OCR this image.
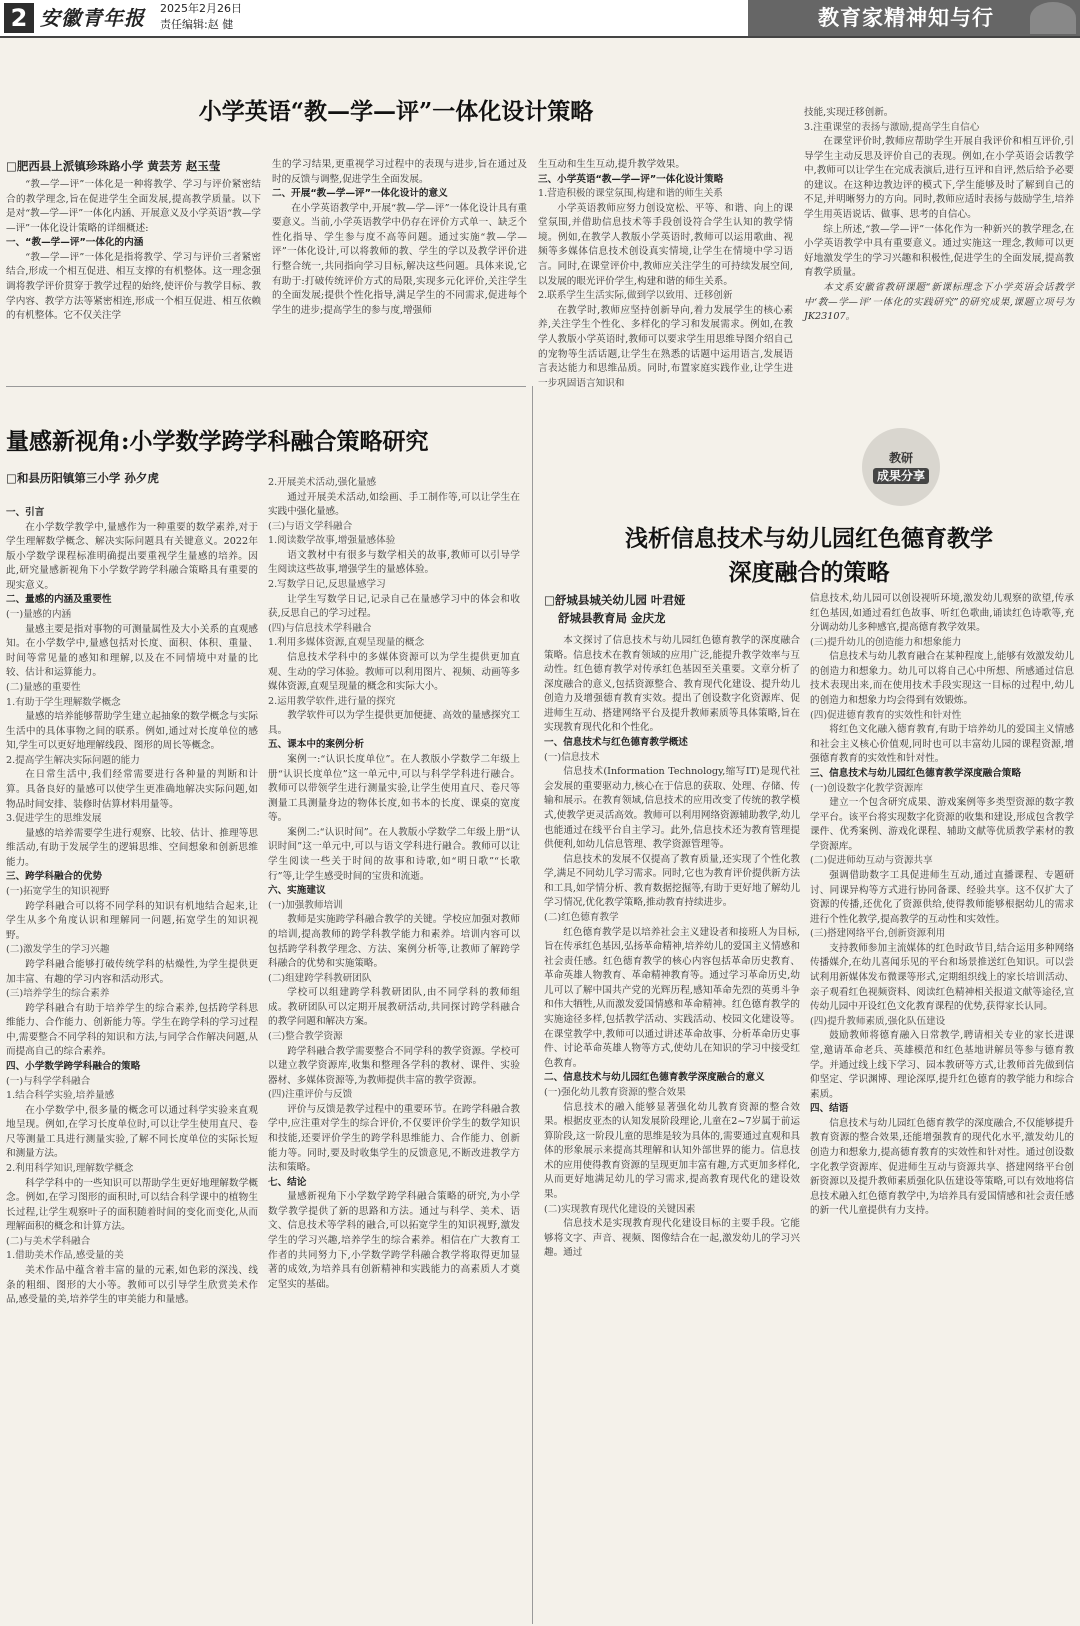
2 安徽青年报 2025年2月26日
责任编辑:赵 健	教育家精神知与行
小学英语“教—学—评”一体化设计策略
□肥西县上派镇珍珠路小学 黄芸芳 赵玉莹

“教—学—评”一体化是一种将教学、学习与评价紧密结合的教学理念,旨在促进学生全面发展,提高教学质量。以下是对“教—学—评”一体化内涵、开展意义及小学英语“教—学—评”一体化设计策略的详细概述:

一、“教—学—评”一体化的内涵

“教—学—评”一体化是指将教学、学习与评价三者紧密结合,形成一个相互促进、相互支撑的有机整体。这一理念强调将教学评价贯穿于教学过程的始终,使评价与教学目标、教学内容、教学方法等紧密相连,形成一个相互促进、相互依赖的有机整体。它不仅关注学

生的学习结果,更重视学习过程中的表现与进步,旨在通过及时的反馈与调整,促进学生全面发展。

二、开展“教—学—评”一体化设计的意义

在小学英语教学中,开展“教—学—评”一体化设计具有重要意义。当前,小学英语教学中仍存在评价方式单一、缺乏个性化指导、学生参与度不高等问题。通过实施“教—学—评”一体化设计,可以将教师的教、学生的学以及教学评价进行整合统一,共同指向学习目标,解决这些问题。具体来说,它有助于:打破传统评价方式的局限,实现多元化评价,关注学生的全面发展;提供个性化指导,满足学生的不同需求,促进每个学生的进步;提高学生的参与度,增强师

生互动和生生互动,提升教学效果。

三、小学英语“教—学—评”一体化设计策略

1.营造积极的课堂氛围,构建和谐的师生关系

小学英语教师应努力创设宽松、平等、和谐、向上的课堂氛围,并借助信息技术等手段创设符合学生认知的教学情境。例如,在教学人教版小学英语时,教师可以运用歌曲、视频等多媒体信息技术创设真实情境,让学生在情境中学习语言。同时,在课堂评价中,教师应关注学生的可持续发展空间,以发展的眼光评价学生,构建和谐的师生关系。

2.联系学生生活实际,做到学以致用、迁移创新

在教学时,教师应坚持创新导向,着力发展学生的核心素养,关注学生个性化、多样化的学习和发展需求。例如,在教学人教版小学英语时,教师可以要求学生用思维导图介绍自己的宠物等生活话题,让学生在熟悉的话题中运用语言,发展语言表达能力和思维品质。同时,布置家庭实践作业,让学生进一步巩固语言知识和

技能,实现迁移创新。

3.注重课堂的表扬与激励,提高学生自信心

在课堂评价时,教师应帮助学生开展自我评价和相互评价,引导学生主动反思及评价自己的表现。例如,在小学英语会话教学中,教师可以让学生在完成表演后,进行互评和自评,然后给予必要的建议。在这种边教边评的模式下,学生能够及时了解到自己的不足,并明晰努力的方向。同时,教师应适时表扬与鼓励学生,培养学生用英语说话、做事、思考的自信心。

综上所述,“教—学—评”一体化作为一种新兴的教学理念,在小学英语教学中具有重要意义。通过实施这一理念,教师可以更好地激发学生的学习兴趣和积极性,促进学生的全面发展,提高教育教学质量。

本文系安徽省教研课题“新课标理念下小学英语会话教学中‘教—学—评’一体化的实践研究”的研究成果,课题立项号为JK23107。

量感新视角:小学数学跨学科融合策略研究
□和县历阳镇第三小学 孙夕虎

一、引言

在小学数学教学中,量感作为一种重要的数学素养,对于学生理解数学概念、解决实际问题具有关键意义。2022年版小学数学课程标准明确提出要重视学生量感的培养。因此,研究量感新视角下小学数学跨学科融合策略具有重要的现实意义。

二、量感的内涵及重要性

(一)量感的内涵

量感主要是指对事物的可测量属性及大小关系的直观感知。在小学数学中,量感包括对长度、面积、体积、重量、时间等常见量的感知和理解,以及在不同情境中对量的比较、估计和运算能力。

(二)量感的重要性

1.有助于学生理解数学概念

量感的培养能够帮助学生建立起抽象的数学概念与实际生活中的具体事物之间的联系。例如,通过对长度单位的感知,学生可以更好地理解线段、图形的周长等概念。

2.提高学生解决实际问题的能力

在日常生活中,我们经常需要进行各种量的判断和计算。具备良好的量感可以使学生更准确地解决实际问题,如物品时间安排、装修时估算材料用量等。

3.促进学生的思维发展

量感的培养需要学生进行观察、比较、估计、推理等思维活动,有助于发展学生的逻辑思维、空间想象和创新思维能力。

三、跨学科融合的优势

(一)拓宽学生的知识视野

跨学科融合可以将不同学科的知识有机地结合起来,让学生从多个角度认识和理解同一问题,拓宽学生的知识视野。

(二)激发学生的学习兴趣

跨学科融合能够打破传统学科的枯燥性,为学生提供更加丰富、有趣的学习内容和活动形式。

(三)培养学生的综合素养

跨学科融合有助于培养学生的综合素养,包括跨学科思维能力、合作能力、创新能力等。学生在跨学科的学习过程中,需要整合不同学科的知识和方法,与同学合作解决问题,从而提高自己的综合素养。

四、小学数学跨学科融合的策略

(一)与科学学科融合

1.结合科学实验,培养量感

在小学数学中,很多量的概念可以通过科学实验来直观地呈现。例如,在学习长度单位时,可以让学生使用直尺、卷尺等测量工具进行测量实验,了解不同长度单位的实际长短和测量方法。

2.利用科学知识,理解数学概念

科学学科中的一些知识可以帮助学生更好地理解数学概念。例如,在学习图形的面积时,可以结合科学课中的植物生长过程,让学生观察叶子的面积随着时间的变化而变化,从而理解面积的概念和计算方法。

(二)与美术学科融合

1.借助美术作品,感受量的美

美术作品中蕴含着丰富的量的元素,如色彩的深浅、线条的粗细、图形的大小等。教师可以引导学生欣赏美术作品,感受量的美,培养学生的审美能力和量感。

2.开展美术活动,强化量感

通过开展美术活动,如绘画、手工制作等,可以让学生在实践中强化量感。

(三)与语文学科融合

1.阅读数学故事,增强量感体验

语文教材中有很多与数学相关的故事,教师可以引导学生阅读这些故事,增强学生的量感体验。

2.写数学日记,反思量感学习

让学生写数学日记,记录自己在量感学习中的体会和收获,反思自己的学习过程。

(四)与信息技术学科融合

1.利用多媒体资源,直观呈现量的概念

信息技术学科中的多媒体资源可以为学生提供更加直观、生动的学习体验。教师可以利用图片、视频、动画等多媒体资源,直观呈现量的概念和实际大小。

2.运用教学软件,进行量的探究

教学软件可以为学生提供更加便捷、高效的量感探究工具。

五、课本中的案例分析

案例一:“认识长度单位”。在人教版小学数学二年级上册“认识长度单位”这一单元中,可以与科学学科进行融合。教师可以带领学生进行测量实验,让学生使用直尺、卷尺等测量工具测量身边的物体长度,如书本的长度、课桌的宽度等。

案例二:“认识时间”。在人教版小学数学二年级上册“认识时间”这一单元中,可以与语文学科进行融合。教师可以让学生阅读一些关于时间的故事和诗歌,如“明日歌”“长歌行”等,让学生感受时间的宝贵和流逝。

六、实施建议

(一)加强教师培训

教师是实施跨学科融合教学的关键。学校应加强对教师的培训,提高教师的跨学科教学能力和素养。培训内容可以包括跨学科教学理念、方法、案例分析等,让教师了解跨学科融合的优势和实施策略。

(二)组建跨学科教研团队

学校可以组建跨学科教研团队,由不同学科的教师组成。教研团队可以定期开展教研活动,共同探讨跨学科融合的教学问题和解决方案。

(三)整合教学资源

跨学科融合教学需要整合不同学科的教学资源。学校可以建立教学资源库,收集和整理各学科的教材、课件、实验器材、多媒体资源等,为教师提供丰富的教学资源。

(四)注重评价与反馈

评价与反馈是教学过程中的重要环节。在跨学科融合教学中,应注重对学生的综合评价,不仅要评价学生的数学知识和技能,还要评价学生的跨学科思维能力、合作能力、创新能力等。同时,要及时收集学生的反馈意见,不断改进教学方法和策略。

七、结论

量感新视角下小学数学跨学科融合策略的研究,为小学数学教学提供了新的思路和方法。通过与科学、美术、语文、信息技术等学科的融合,可以拓宽学生的知识视野,激发学生的学习兴趣,培养学生的综合素养。相信在广大教育工作者的共同努力下,小学数学跨学科融合教学将取得更加显著的成效,为培养具有创新精神和实践能力的高素质人才奠定坚实的基础。

教研
成果分享
浅析信息技术与幼儿园红色德育教学深度融合的策略
□舒城县城关幼儿园 叶君娅
舒城县教育局 金庆龙

本文探讨了信息技术与幼儿园红色德育教学的深度融合策略。信息技术在教育领域的应用广泛,能提升教学效率与互动性。红色德育教学对传承红色基因至关重要。文章分析了深度融合的意义,包括资源整合、教育现代化建设、提升幼儿创造力及增强德育教育实效。提出了创设数字化资源库、促进师生互动、搭建网络平台及提升教师素质等具体策略,旨在实现教育现代化和个性化。

一、信息技术与红色德育教学概述

(一)信息技术

信息技术(Information Technology,缩写IT)是现代社会发展的重要驱动力,核心在于信息的获取、处理、存储、传输和展示。在教育领域,信息技术的应用改变了传统的教学模式,使教学更灵活高效。教师可以利用网络资源辅助教学,幼儿也能通过在线平台自主学习。此外,信息技术还为教育管理提供便利,如幼儿信息管理、教学资源管理等。

信息技术的发展不仅提高了教育质量,还实现了个性化教学,满足不同幼儿学习需求。同时,它也为教育评价提供新方法和工具,如学情分析、教育数据挖掘等,有助于更好地了解幼儿学习情况,优化教学策略,推动教育持续进步。

(二)红色德育教学

红色德育教学是以培养社会主义建设者和接班人为目标,旨在传承红色基因,弘扬革命精神,培养幼儿的爱国主义情感和社会责任感。红色德育教学的核心内容包括革命历史教育、革命英雄人物教育、革命精神教育等。通过学习革命历史,幼儿可以了解中国共产党的光辉历程,感知革命先烈的英勇斗争和伟大牺牲,从而激发爱国情感和革命精神。红色德育教学的实施途径多样,包括教学活动、实践活动、校园文化建设等。在课堂教学中,教师可以通过讲述革命故事、分析革命历史事件、讨论革命英雄人物等方式,使幼儿在知识的学习中接受红色教育。

二、信息技术与幼儿园红色德育教学深度融合的意义

(一)强化幼儿教育资源的整合效果

信息技术的融入能够显著强化幼儿教育资源的整合效果。根据皮亚杰的认知发展阶段理论,儿童在2~7岁属于前运算阶段,这一阶段儿童的思维是较为具体的,需要通过直观和具体的形象展示来提高其理解和认知外部世界的能力。信息技术的应用使得教育资源的呈现更加丰富有趣,方式更加多样化,从而更好地满足幼儿的学习需求,提高教育现代化的建设效果。

(二)实现教育现代化建设的关键因素

信息技术是实现教育现代化建设目标的主要手段。它能够将文字、声音、视频、图像结合在一起,激发幼儿的学习兴趣。通过

信息技术,幼儿园可以创设视听环境,激发幼儿观察的欲望,传承红色基因,如通过看红色故事、听红色歌曲,诵读红色诗歌等,充分调动幼儿多种感官,提高德育教学效果。

(三)提升幼儿的创造能力和想象能力

信息技术与幼儿教育融合在某种程度上,能够有效激发幼儿的创造力和想象力。幼儿可以将自己心中所想、所感通过信息技术表现出来,而在使用技术手段实现这一目标的过程中,幼儿的创造力和想象力均会得到有效锻炼。

(四)促进德育教育的实效性和针对性

将红色文化融入德育教育,有助于培养幼儿的爱国主义情感和社会主义核心价值观,同时也可以丰富幼儿园的课程资源,增强德育教育的实效性和针对性。

三、信息技术与幼儿园红色德育教学深度融合策略

(一)创设数字化教学资源库

建立一个包含研究成果、游戏案例等多类型资源的数字教学平台。该平台将实现数字化资源的收集和建设,形成包含教学课件、优秀案例、游戏化课程、辅助文献等优质教学素材的教学资源库。

(二)促进师幼互动与资源共享

强调借助数字工具促进师生互动,通过直播课程、专题研讨、同课异构等方式进行协同备课、经验共享。这不仅扩大了资源的传播,还优化了资源供给,使得教师能够根据幼儿的需求进行个性化教学,提高教学的互动性和实效性。

(三)搭建网络平台,创新资源利用

支持教师参加主流媒体的红色时政节目,结合运用多种网络传播媒介,在幼儿喜闻乐见的平台和场景推送红色知识。可以尝试利用新媒体发布微课等形式,定期组织线上的家长培训活动、亲子观看红色视频资料、阅读红色精神相关报道文献等途径,宣传幼儿园中开设红色文化教育课程的优势,获得家长认同。

(四)提升教师素质,强化队伍建设

鼓励教师将德育融入日常教学,聘请相关专业的家长进课堂,邀请革命老兵、英雄模范和红色基地讲解员等参与德育教学。并通过线上线下学习、园本教研等方式,让教师首先做到信仰坚定、学识渊博、理论深厚,提升红色德育的教学能力和综合素质。

四、结语

信息技术与幼儿园红色德育教学的深度融合,不仅能够提升教育资源的整合效果,还能增强教育的现代化水平,激发幼儿的创造力和想象力,提高德育教育的实效性和针对性。通过创设数字化教学资源库、促进师生互动与资源共享、搭建网络平台创新资源以及提升教师素质强化队伍建设等策略,可以有效地将信息技术融入红色德育教学中,为培养具有爱国情感和社会责任感的新一代儿童提供有力支持。
